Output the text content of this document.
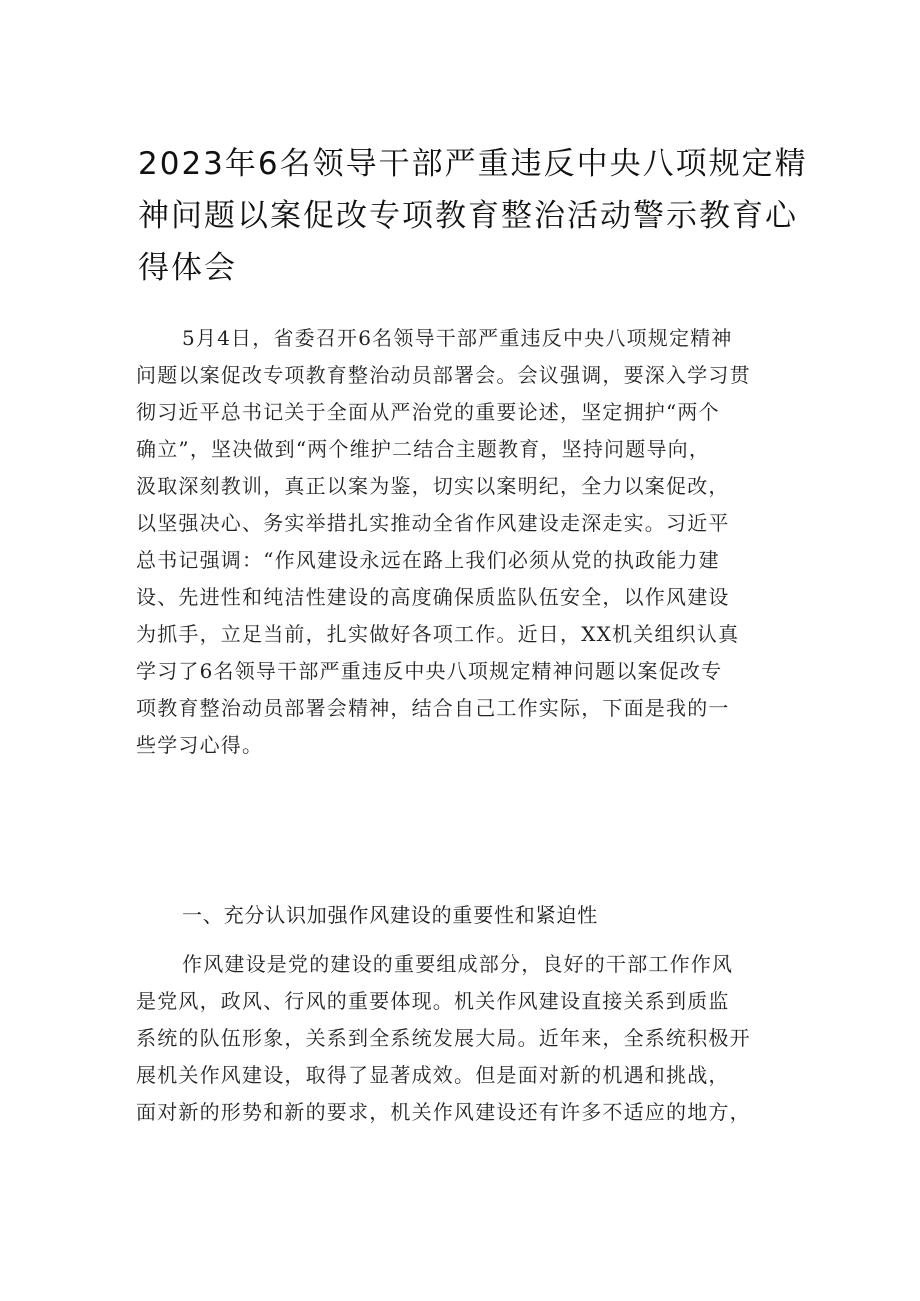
2023年6名领导干部严重违反中央八项规定精
神问题以案促改专项教育整治活动警示教育心
得体会
5月4日，省委召开6名领导干部严重违反中央八项规定精神
问题以案促改专项教育整治动员部署会。会议强调，要深入学习贯
彻习近平总书记关于全面从严治党的重要论述，坚定拥护“两个
确立”，坚决做到“两个维护二结合主题教育，坚持问题导向，
汲取深刻教训，真正以案为鉴，切实以案明纪，全力以案促改，
以坚强决心、务实举措扎实推动全省作风建设走深走实。习近平
总书记强调：“作风建设永远在路上我们必须从党的执政能力建
设、先进性和纯洁性建设的高度确保质监队伍安全，以作风建设
为抓手，立足当前，扎实做好各项工作。近日，XX机关组织认真
学习了6名领导干部严重违反中央八项规定精神问题以案促改专
项教育整治动员部署会精神，结合自己工作实际，下面是我的一
些学习心得。
一、充分认识加强作风建设的重要性和紧迫性
作风建设是党的建设的重要组成部分，良好的干部工作作风
是党风，政风、行风的重要体现。机关作风建设直接关系到质监
系统的队伍形象，关系到全系统发展大局。近年来，全系统积极开
展机关作风建设，取得了显著成效。但是面对新的机遇和挑战，
面对新的形势和新的要求，机关作风建设还有许多不适应的地方，
